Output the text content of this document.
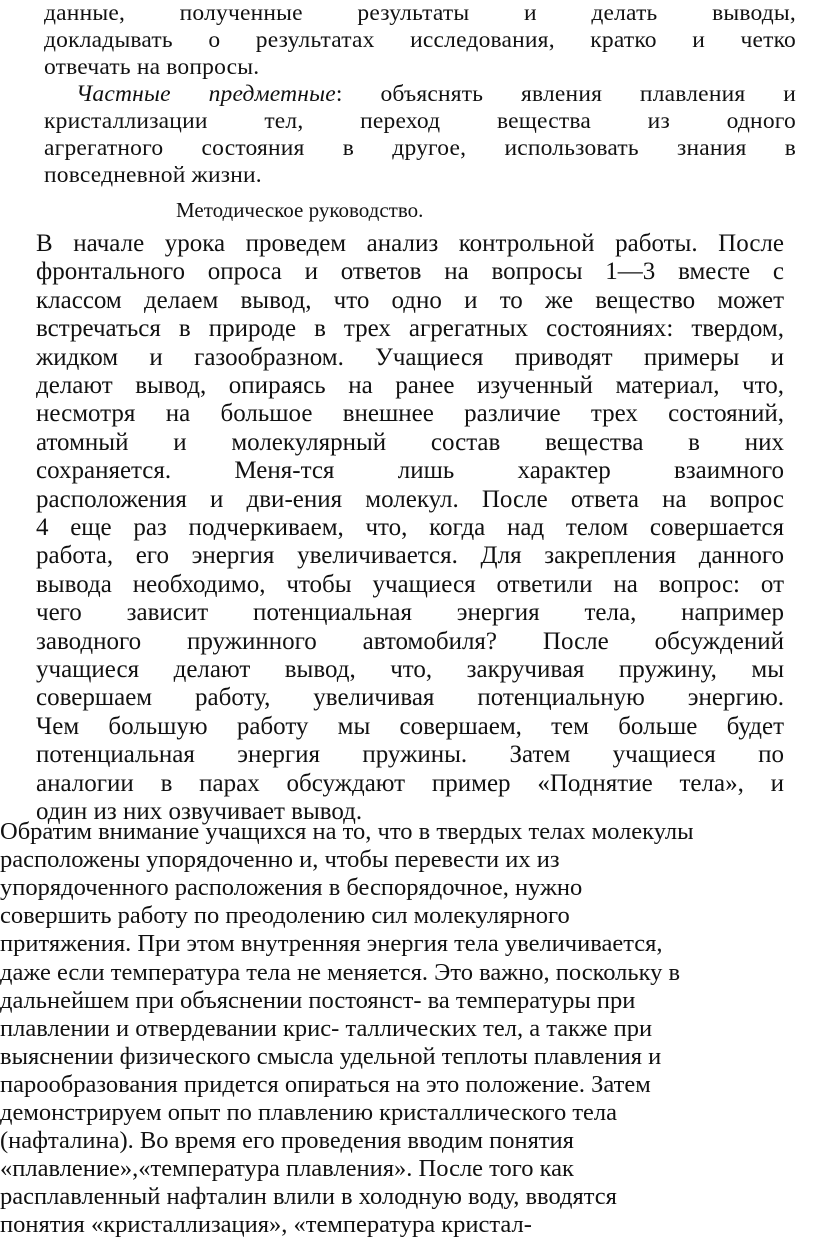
данные, полученные результаты и делать выводы,
докладывать о результатах исследования, кратко и четко
отвечать на вопросы.
Частные предметные: объяснять явления плавления и
кристаллизации тел, переход вещества из одного
агрегатного состояния в другое, использовать знания в
повседневной жизни.
Методическое руководство.
В начале урока проведем анализ контрольной работы. После
фронтального опроса и ответов на вопросы 1—3 вместе с
классом делаем вывод, что одно и то же вещество может
встречаться в природе в трех агрегатных состояниях: твердом,
жидком и газообразном. Учащиеся приводят примеры и
делают вывод, опираясь на ранее изученный материал, что,
несмотря на большое внешнее различие трех состояний,
атомный и молекулярный состав вещества в них
сохраняется. Меня-тся лишь характер взаимного
расположения и дви-ения молекул. После ответа на вопрос
4 еще раз подчеркиваем, что, когда над телом совершается
работа, его энергия увеличивается. Для закрепления данного
вывода необходимо, чтобы учащиеся ответили на вопрос: от
чего зависит потенциальная энергия тела, например
заводного пружинного автомобиля? После обсуждений
учащиеся делают вывод, что, закручивая пружину, мы
совершаем работу, увеличивая потенциальную энергию.
Чем большую работу мы совершаем, тем больше будет
потенциальная энергия пружины. Затем учащиеся по
аналогии в парах обсуждают пример «Поднятие тела», и
один из них озвучивает вывод.
Обратим внимание учащихся на то, что в твердых телах молекулы
расположены упорядоченно и, чтобы перевести их из
упорядоченного расположения в беспорядочное, нужно
совершить работу по преодолению сил молекулярного
притяжения. При этом внутренняя энергия тела увеличивается,
даже если температура тела не меняется. Это важно, поскольку в
дальнейшем при объяснении постоянст- ва температуры при
плавлении и отвердевании крис- таллических тел, а также при
выяснении физического смысла удельной теплоты плавления и
парообразования придется опираться на это положение. Затем
демонстрируем опыт по плавлению кристаллического тела
(нафталина). Во время его проведения вводим понятия
«плавление»,«температура плавления». После того как
расплавленный нафталин влили в холодную воду, вводятся
понятия «кристаллизация», «температура кристал-
